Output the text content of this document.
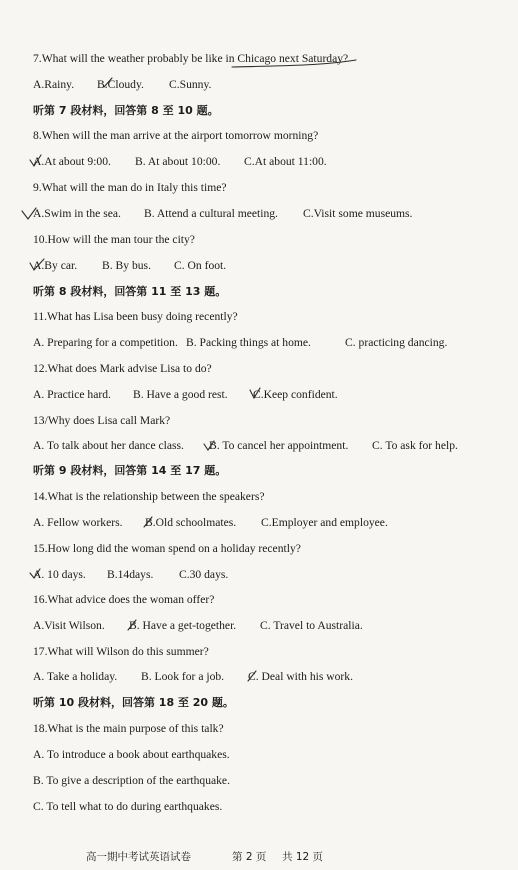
7.What will the weather probably be like in Chicago next Saturday?
A.Rainy. B.Cloudy. C.Sunny.
听第 7 段材料，回答第 8 至 10 题。
8.When will the man arrive at the airport tomorrow morning?
A.At about 9:00. B. At about 10:00. C.At about 11:00.
9.What will the man do in Italy this time?
A.Swim in the sea. B. Attend a cultural meeting. C.Visit some museums.
10.How will the man tour the city?
A.By car. B. By bus. C. On foot.
听第 8 段材料，回答第 11 至 13 题。
11.What has Lisa been busy doing recently?
A. Preparing for a competition. B. Packing things at home.	C. practicing dancing.
12.What does Mark advise Lisa to do?
A. Practice hard. B. Have a good rest. C.Keep confident.
13/Why does Lisa call Mark?
A. To talk about her dance class. B. To cancel her appointment. C. To ask for help.
听第 9 段材料，回答第 14 至 17 题。
14.What is the relationship between the speakers?
A. Fellow workers. B.Old schoolmates. C.Employer and employee.
15.How long did the woman spend on a holiday recently?
A. 10 days. B.14days. C.30 days.
16.What advice does the woman offer?
A.Visit Wilson. B. Have a get-together. C. Travel to Australia.
17.What will Wilson do this summer?
A. Take a holiday. B. Look for a job. C. Deal with his work.
听第 10 段材料，回答第 18 至 20 题。
18.What is the main purpose of this talk?
A. To introduce a book about earthquakes.
B. To give a description of the earthquake.
C. To tell what to do during earthquakes.
高一期中考试英语试卷	第 2 页 共 12 页
